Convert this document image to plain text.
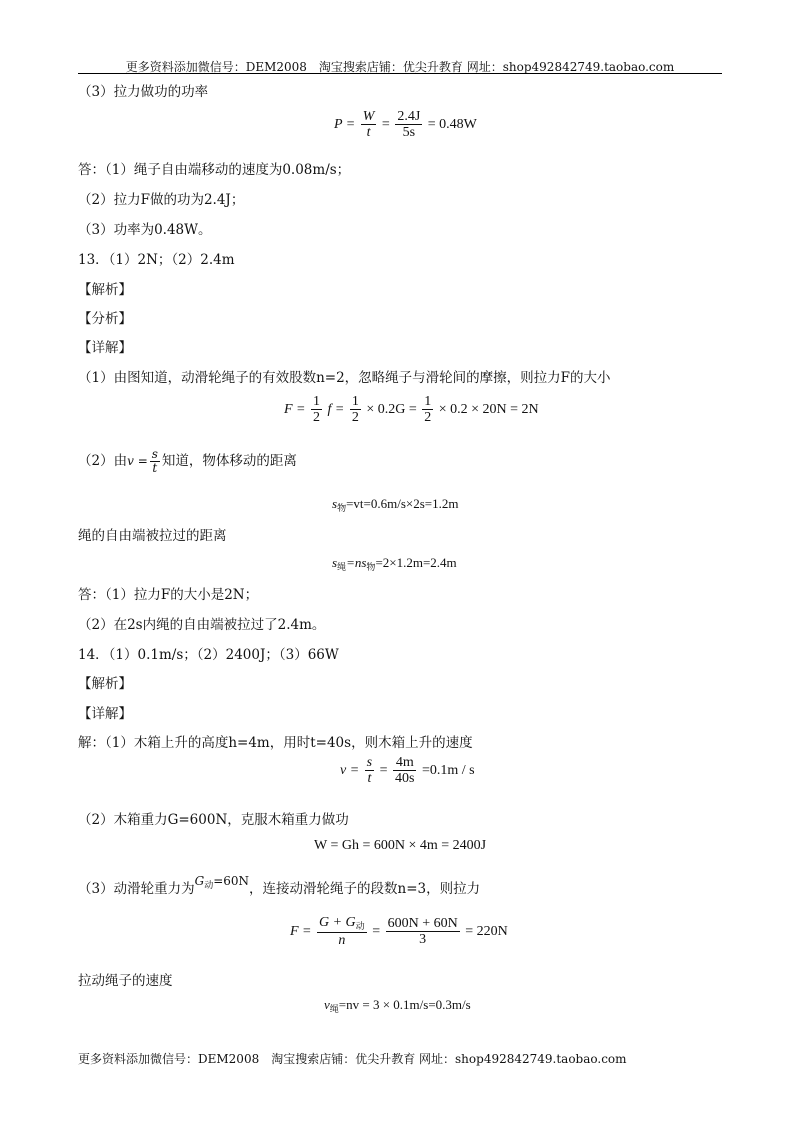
更多资料添加微信号：DEM2008　淘宝搜索店铺：优尖升教育 网址：shop492842749.taobao.com
（3）拉力做功的功率
$P = \frac{W}{t} = \frac{2.4J}{5s} = 0.48W$
答：（1）绳子自由端移动的速度为0.08m/s；
（2）拉力F做的功为2.4J；
（3）功率为0.48W。
13．（1）2N；（2）2.4m
【解析】
【分析】
【详解】
（1）由图知道，动滑轮绳子的有效股数n=2，忽略绳子与滑轮间的摩擦，则拉力F的大小
$F = \frac{1}{2}$ $f = \frac{1}{2} \times 0.2G = \frac{1}{2} \times 0.2 \times 20N = 2N$
（2）由$v = \frac{s}{t}$ 知道，物体移动的距离
$s_物=vt=0.6m/s\times 2s=1.2m$
绳的自由端被拉过的距离
$s_绳=ns_物=2\times 1.2m=2.4m$
答：（1）拉力F的大小是2N；
（2）在2s内绳的自由端被拉过了2.4m。
14．（1）0.1m/s；（2）2400J；（3）66W
【解析】
【详解】
解：（1）木箱上升的高度h=4m，用时t=40s，则木箱上升的速度
$v = \frac{s}{t} = \frac{4m}{40s} =0.1m / s$
（2）木箱重力G=600N，克服木箱重力做功
W = Gh = 600N × 4m = 2400J
（3）动滑轮重力为$G^动=60N$，连接动滑轮绳子的段数n=3，则拉力
$F = \frac{G + G_动}{n} = \frac{600N + 60N}{3} = 220N$
拉动绳子的速度
$v_绳=nv = 3 \times 0.1m/s=0.3m/s$
更多资料添加微信号：DEM2008　淘宝搜索店铺：优尖升教育 网址：shop492842749.taobao.com
